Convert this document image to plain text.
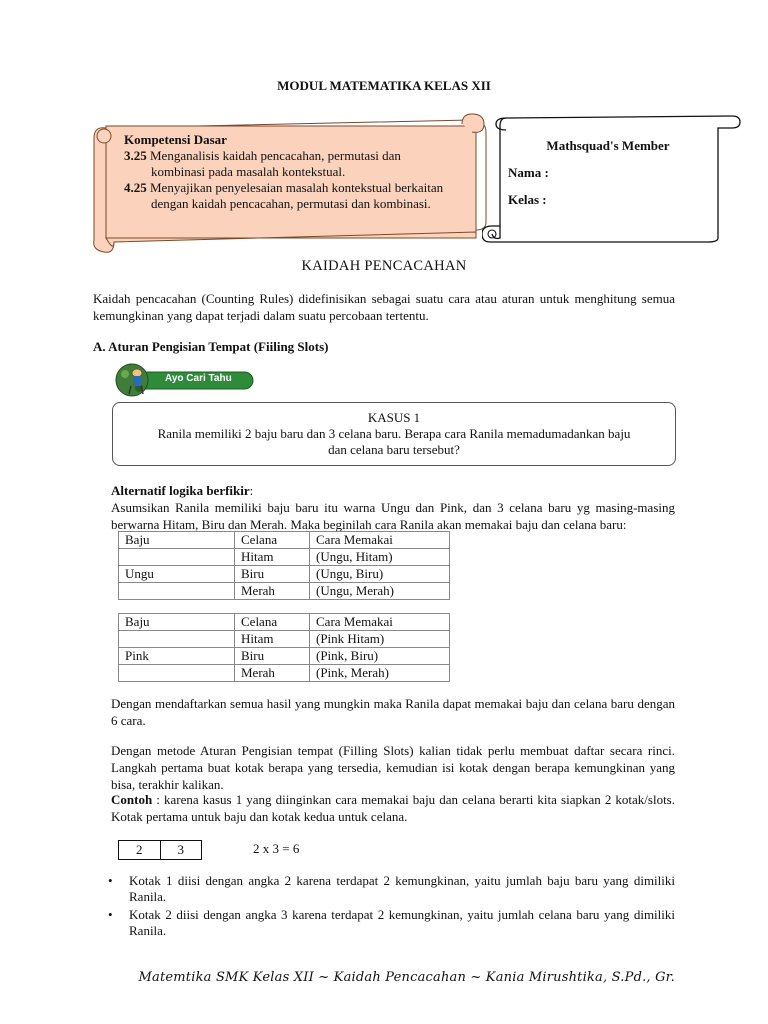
MODUL MATEMATIKA KELAS XII
Kompetensi Dasar
3.25 Menganalisis kaidah pencacahan, permutasi dan
kombinasi pada masalah kontekstual.
4.25 Menyajikan penyelesaian masalah kontekstual berkaitan
dengan kaidah pencacahan, permutasi dan kombinasi.
Mathsquad's Member
Nama :
Kelas :
KAIDAH PENCACAHAN
Kaidah pencacahan (Counting Rules) didefinisikan sebagai suatu cara atau aturan untuk menghitung semua kemungkinan yang dapat terjadi dalam suatu percobaan tertentu.
A. Aturan Pengisian Tempat (Fiiling Slots)
Ayo Cari Tahu
KASUS 1
Ranila memiliki 2 baju baru dan 3 celana baru. Berapa cara Ranila memadumadankan baju
dan celana baru tersebut?
Alternatif logika berfikir:
Asumsikan Ranila memiliki baju baru itu warna Ungu dan Pink, dan 3 celana baru yg masing-masing berwarna Hitam, Biru dan Merah. Maka beginilah cara Ranila akan memakai baju dan celana baru:
Baju	Celana	Cara Memakai
	Hitam	(Ungu, Hitam)
Ungu	Biru	(Ungu, Biru)
	Merah	(Ungu, Merah)
Baju	Celana	Cara Memakai
	Hitam	(Pink Hitam)
Pink	Biru	(Pink, Biru)
	Merah	(Pink, Merah)
Dengan mendaftarkan semua hasil yang mungkin maka Ranila dapat memakai baju dan celana baru dengan 6 cara.
Dengan metode Aturan Pengisian tempat (Filling Slots) kalian tidak perlu membuat daftar secara rinci. Langkah pertama buat kotak berapa yang tersedia, kemudian isi kotak dengan berapa kemungkinan yang bisa, terakhir kalikan.
Contoh : karena kasus 1 yang diinginkan cara memakai baju dan celana berarti kita siapkan 2 kotak/slots. Kotak pertama untuk baju dan kotak kedua untuk celana.
2	3	2 x 3 = 6
• Kotak 1 diisi dengan angka 2 karena terdapat 2 kemungkinan, yaitu jumlah baju baru yang dimiliki Ranila.
• Kotak 2 diisi dengan angka 3 karena terdapat 2 kemungkinan, yaitu jumlah celana baru yang dimiliki Ranila.
Matemtika SMK Kelas XII ~ Kaidah Pencacahan ~ Kania Mirushtika, S.Pd., Gr.
